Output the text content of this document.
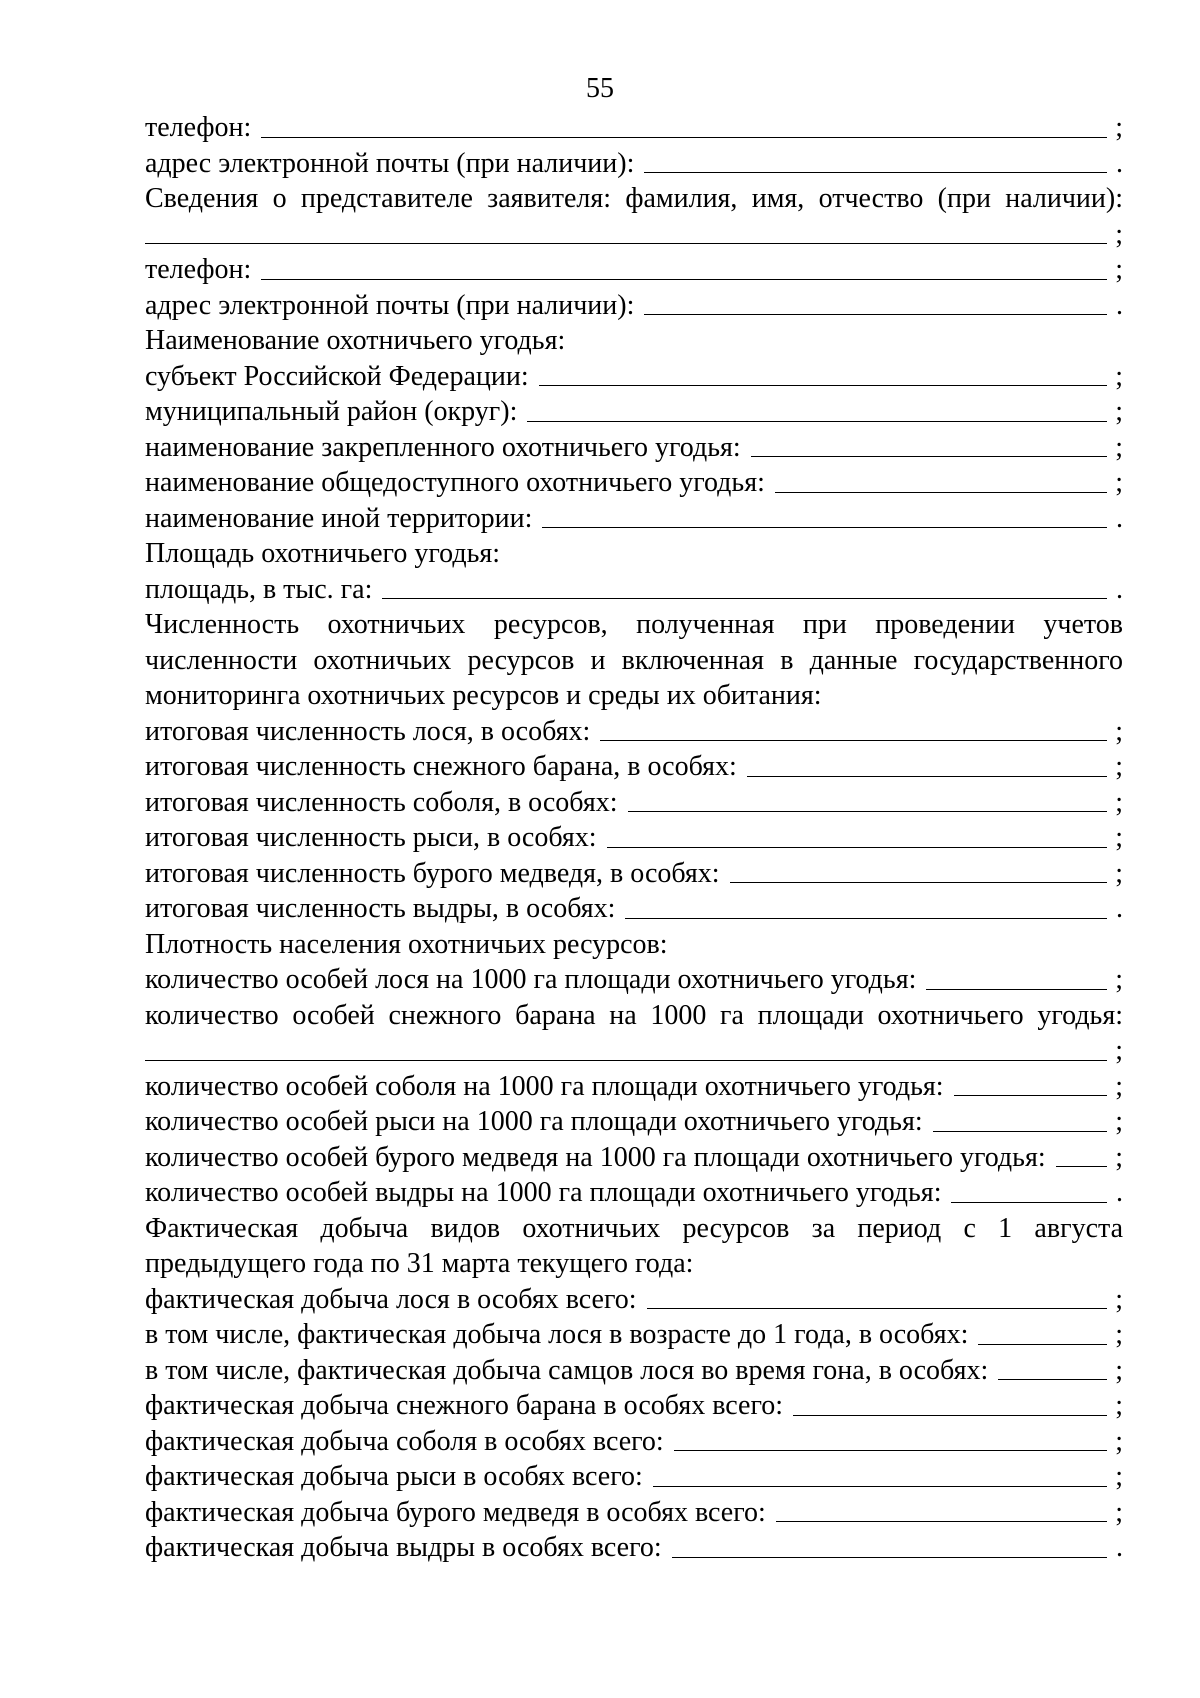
55
телефон:	;
адрес электронной почты (при наличии):	.
Сведения о представителе заявителя: фамилия, имя, отчество (при наличии):
;
телефон:	;
адрес электронной почты (при наличии):	.
Наименование охотничьего угодья:
субъект Российской Федерации:	;
муниципальный район (округ):	;
наименование закрепленного охотничьего угодья:	;
наименование общедоступного охотничьего угодья:	;
наименование иной территории:	.
Площадь охотничьего угодья:
площадь, в тыс. га:	.
Численность охотничьих ресурсов, полученная при проведении учетов
численности охотничьих ресурсов и включенная в данные государственного
мониторинга охотничьих ресурсов и среды их обитания:
итоговая численность лося, в особях:	;
итоговая численность снежного барана, в особях:	;
итоговая численность соболя, в особях:	;
итоговая численность рыси, в особях:	;
итоговая численность бурого медведя, в особях:	;
итоговая численность выдры, в особях:	.
Плотность населения охотничьих ресурсов:
количество особей лося на 1000 га площади охотничьего угодья:	;
количество особей снежного барана на 1000 га площади охотничьего угодья:
;
количество особей соболя на 1000 га площади охотничьего угодья:	;
количество особей рыси на 1000 га площади охотничьего угодья:	;
количество особей бурого медведя на 1000 га площади охотничьего угодья:	;
количество особей выдры на 1000 га площади охотничьего угодья:	.
Фактическая добыча видов охотничьих ресурсов за период с 1 августа
предыдущего года по 31 марта текущего года:
фактическая добыча лося в особях всего:	;
в том числе, фактическая добыча лося в возрасте до 1 года, в особях:	;
в том числе, фактическая добыча самцов лося во время гона, в особях:	;
фактическая добыча снежного барана в особях всего:	;
фактическая добыча соболя в особях всего:	;
фактическая добыча рыси в особях всего:	;
фактическая добыча бурого медведя в особях всего:	;
фактическая добыча выдры в особях всего:	.
